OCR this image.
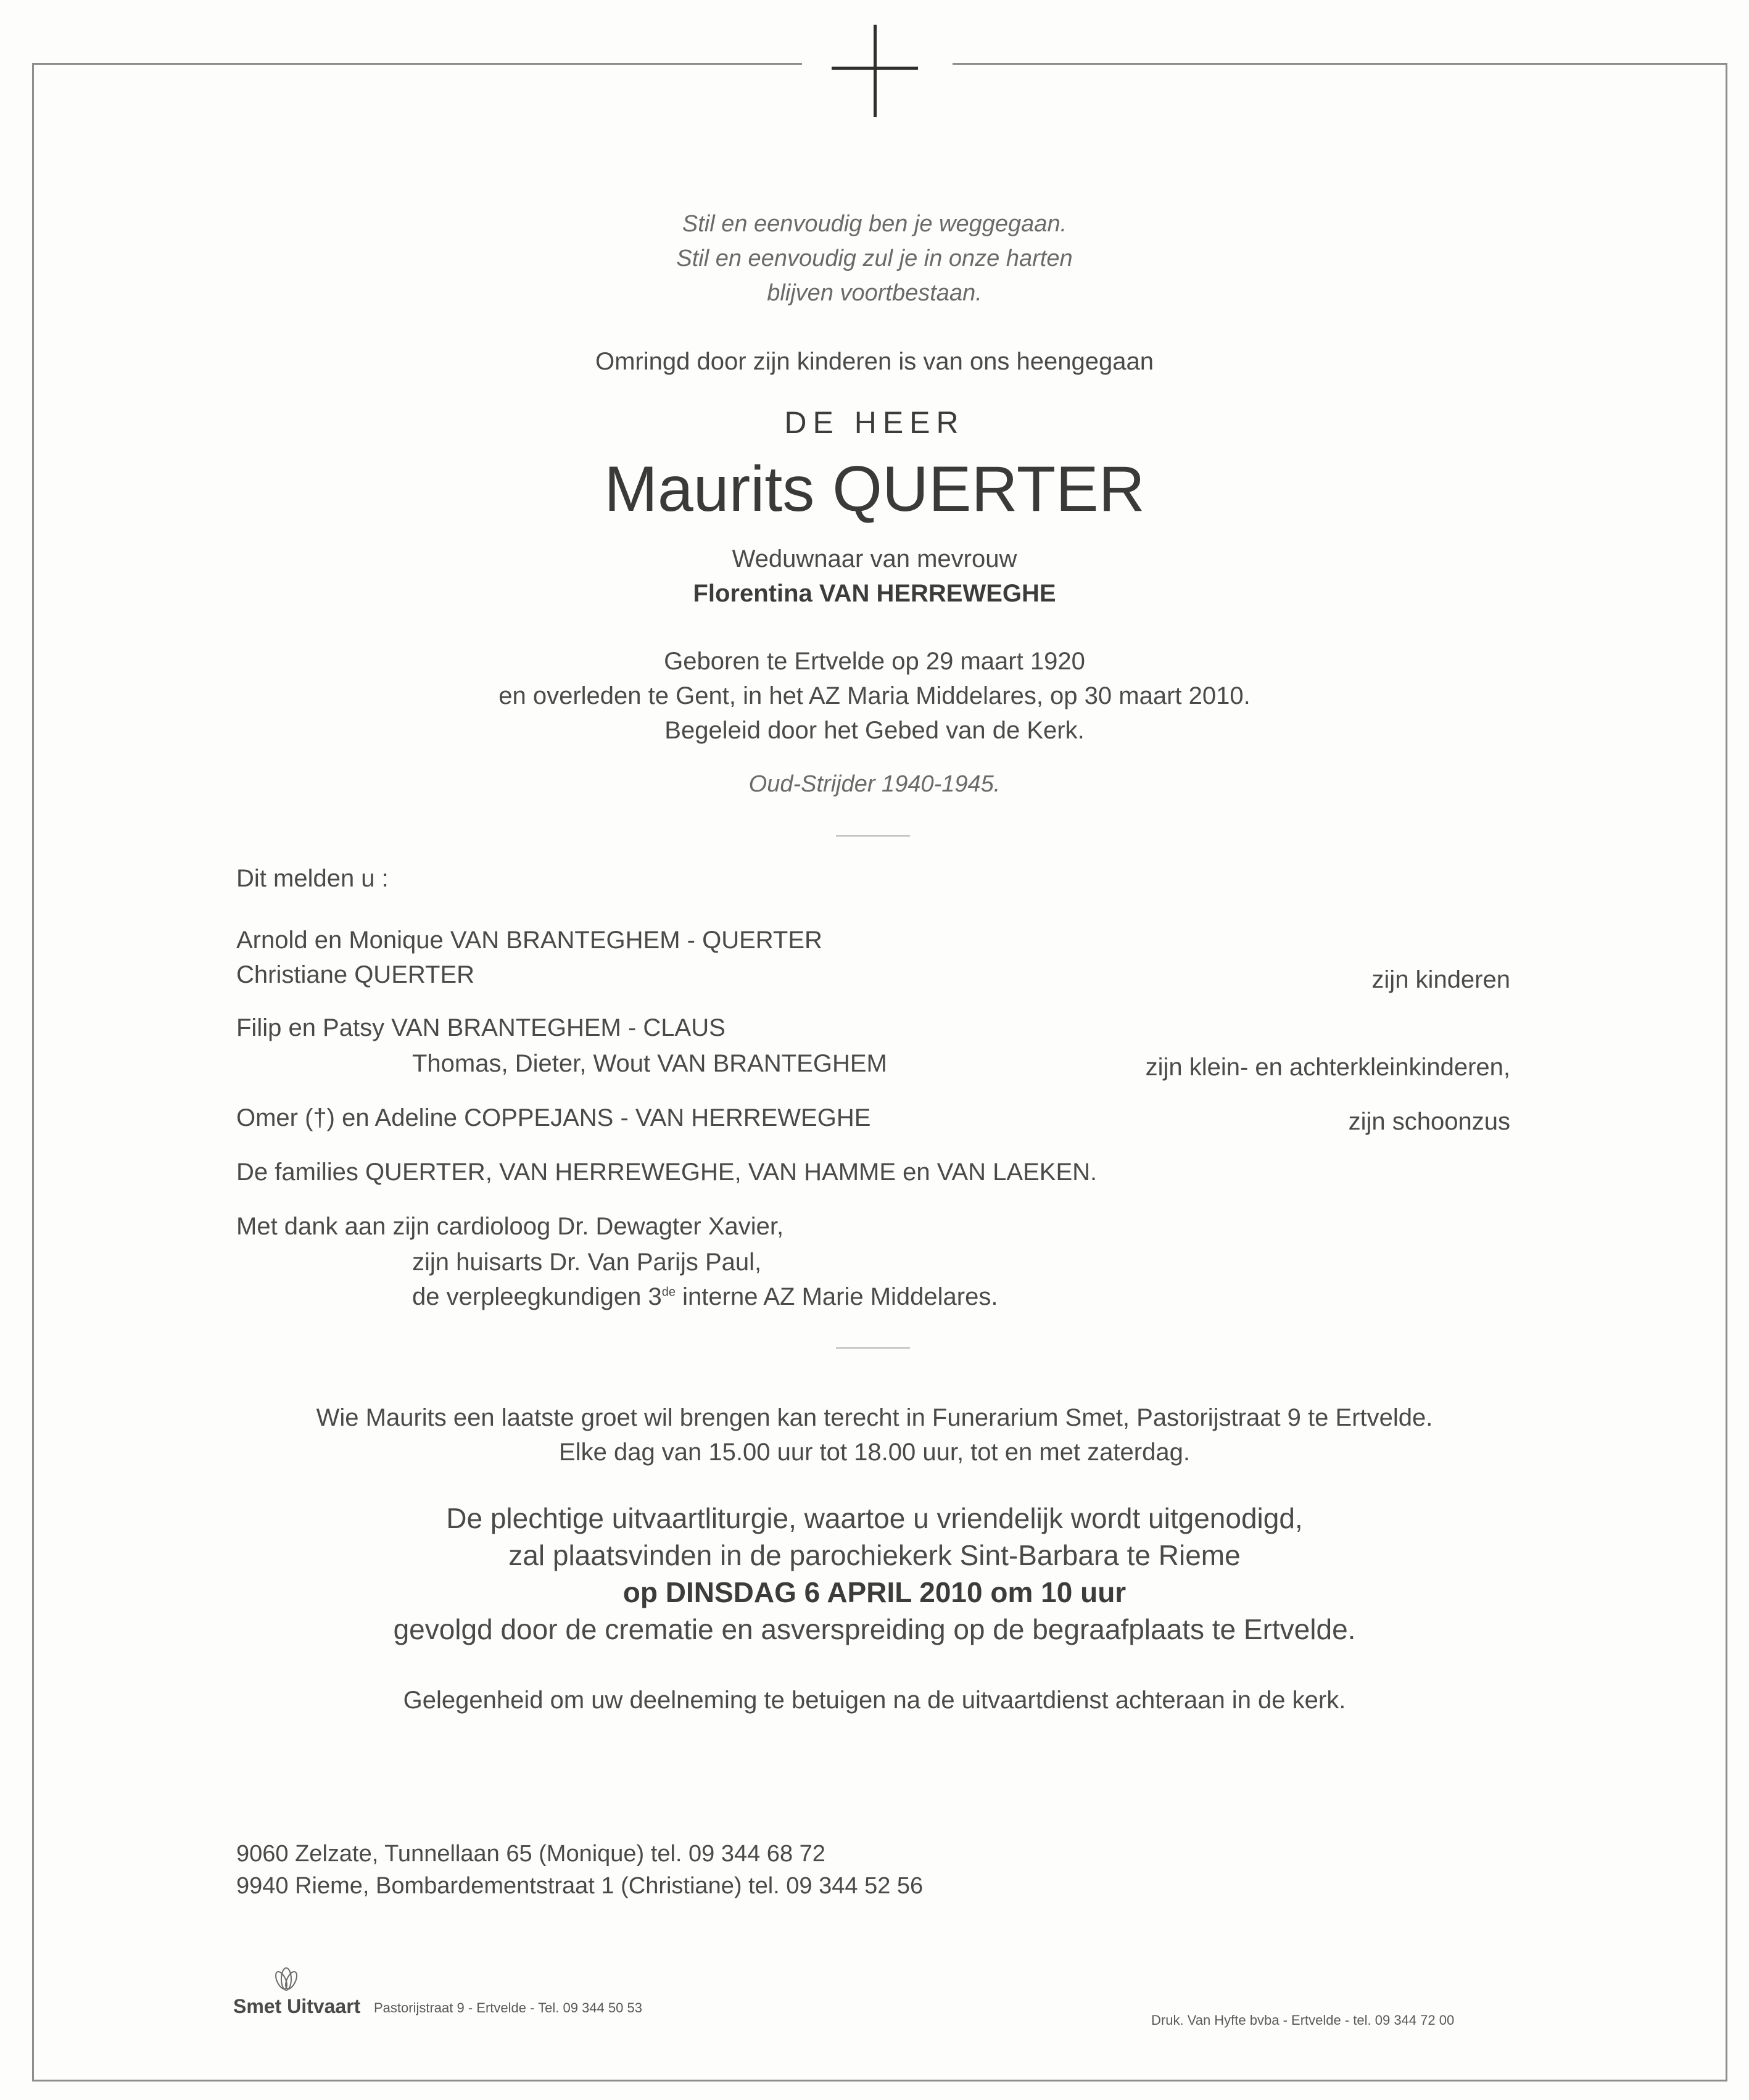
Stil en eenvoudig ben je weggegaan.
Stil en eenvoudig zul je in onze harten
blijven voortbestaan.
Omringd door zijn kinderen is van ons heengegaan
DE HEER
Maurits QUERTER
Weduwnaar van mevrouw
Florentina VAN HERREWEGHE
Geboren te Ertvelde op 29 maart 1920
en overleden te Gent, in het AZ Maria Middelares, op 30 maart 2010.
Begeleid door het Gebed van de Kerk.
Oud-Strijder 1940-1945.
Dit melden u :
Arnold en Monique VAN BRANTEGHEM - QUERTER
Christiane QUERTER	zijn kinderen
Filip en Patsy VAN BRANTEGHEM - CLAUS
Thomas, Dieter, Wout VAN BRANTEGHEM	zijn klein- en achterkleinkinderen,
Omer (†) en Adeline COPPEJANS - VAN HERREWEGHE	zijn schoonzus
De families QUERTER, VAN HERREWEGHE, VAN HAMME en VAN LAEKEN.
Met dank aan zijn cardioloog Dr. Dewagter Xavier,
zijn huisarts Dr. Van Parijs Paul,
de verpleegkundigen 3de interne AZ Marie Middelares.
Wie Maurits een laatste groet wil brengen kan terecht in Funerarium Smet, Pastorijstraat 9 te Ertvelde.
Elke dag van 15.00 uur tot 18.00 uur, tot en met zaterdag.
De plechtige uitvaartliturgie, waartoe u vriendelijk wordt uitgenodigd,
zal plaatsvinden in de parochiekerk Sint-Barbara te Rieme
op DINSDAG 6 APRIL 2010 om 10 uur
gevolgd door de crematie en asverspreiding op de begraafplaats te Ertvelde.
Gelegenheid om uw deelneming te betuigen na de uitvaartdienst achteraan in de kerk.
9060 Zelzate, Tunnellaan 65 (Monique) tel. 09 344 68 72
9940 Rieme, Bombardementstraat 1 (Christiane) tel. 09 344 52 56
Smet Uitvaart Pastorijstraat 9 - Ertvelde - Tel. 09 344 50 53
Druk. Van Hyfte bvba - Ertvelde - tel. 09 344 72 00
